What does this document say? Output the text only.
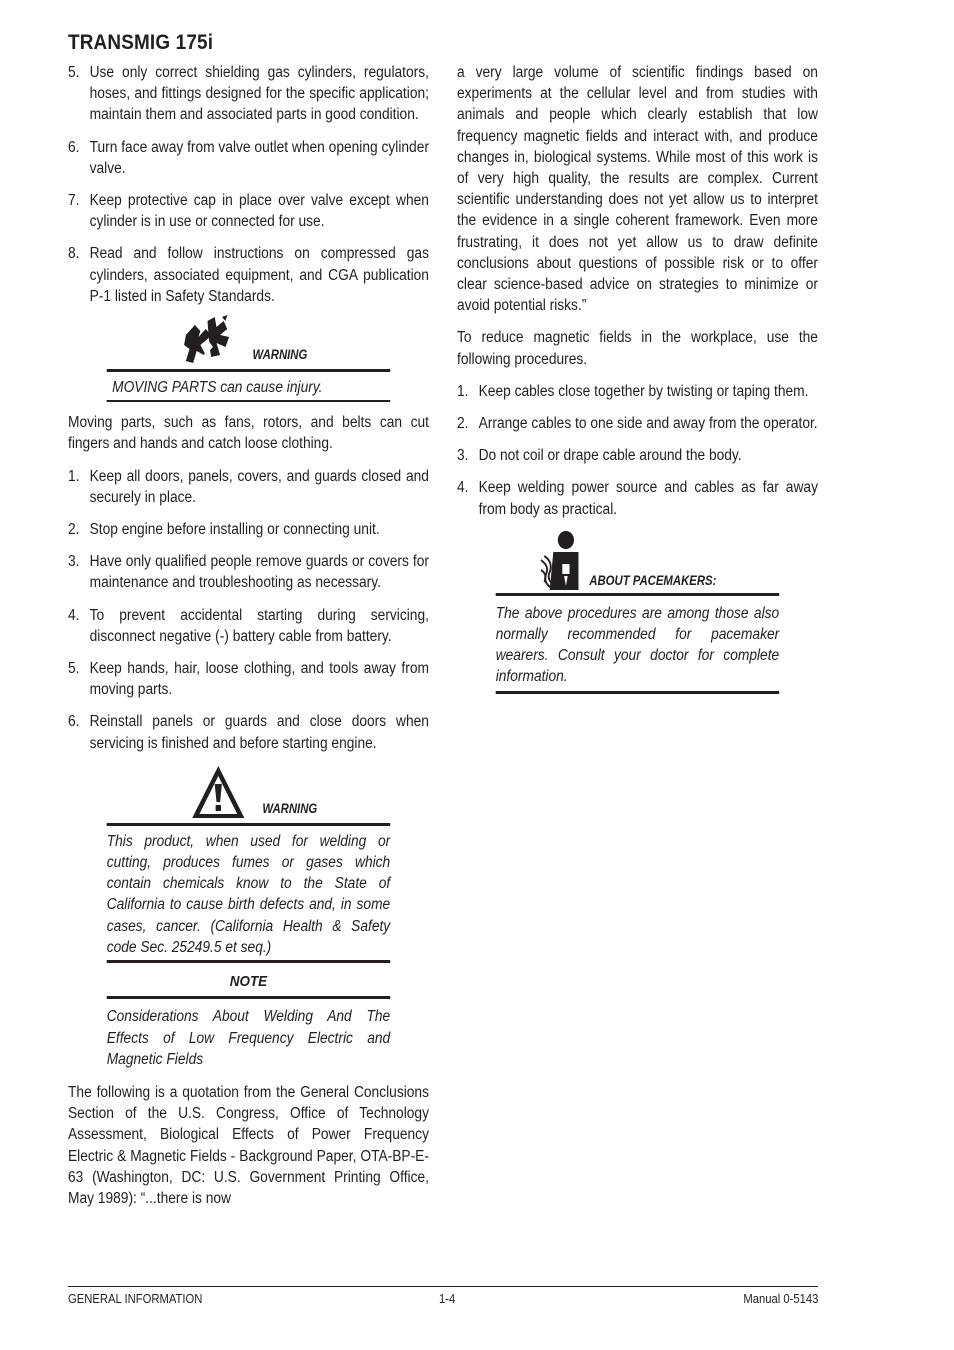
TRANSMIG 175i
5. Use only correct shielding gas cylinders, regulators, hoses, and fittings designed for the specific application; maintain them and associated parts in good condition.
6. Turn face away from valve outlet when opening cylinder valve.
7. Keep protective cap in place over valve except when cylinder is in use or connected for use.
8. Read and follow instructions on compressed gas cylinders, associated equipment, and CGA publication P-1 listed in Safety Standards.
WARNING
MOVING PARTS can cause injury.

Moving parts, such as fans, rotors, and belts can cut fingers and hands and catch loose clothing.

1. Keep all doors, panels, covers, and guards closed and securely in place.
2. Stop engine before installing or connecting unit.
3. Have only qualified people remove guards or covers for maintenance and troubleshooting as necessary.
4. To prevent accidental starting during servicing, disconnect negative (-) battery cable from battery.
5. Keep hands, hair, loose clothing, and tools away from moving parts.
6. Reinstall panels or guards and close doors when servicing is finished and before starting engine.
WARNING
This product, when used for welding or cutting, produces fumes or gases which contain chemicals know to the State of California to cause birth defects and, in some cases, cancer. (California Health & Safety code Sec. 25249.5 et seq.)
NOTE
Considerations About Welding And The Effects of Low Frequency Electric and Magnetic Fields

The following is a quotation from the General Conclusions Section of the U.S. Congress, Office of Technology Assessment, Biological Effects of Power Frequency Electric & Magnetic Fields - Background Paper, OTA-BP-E-63 (Washington, DC: U.S. Government Printing Office, May 1989): “...there is now

a very large volume of scientific findings based on experiments at the cellular level and from studies with animals and people which clearly establish that low frequency magnetic fields and interact with, and produce changes in, biological systems. While most of this work is of very high quality, the results are complex. Current scientific understanding does not yet allow us to interpret the evidence in a single coherent framework. Even more frustrating, it does not yet allow us to draw definite conclusions about questions of possible risk or to offer clear science-based advice on strategies to minimize or avoid potential risks.”

To reduce magnetic fields in the workplace, use the following procedures.

1. Keep cables close together by twisting or taping them.
2. Arrange cables to one side and away from the operator.
3. Do not coil or drape cable around the body.
4. Keep welding power source and cables as far away from body as practical.
ABOUT PACEMAKERS:
The above procedures are among those also normally recommended for pacemaker wearers. Consult your doctor for complete information.
GENERAL INFORMATION	1-4	Manual 0-5143
